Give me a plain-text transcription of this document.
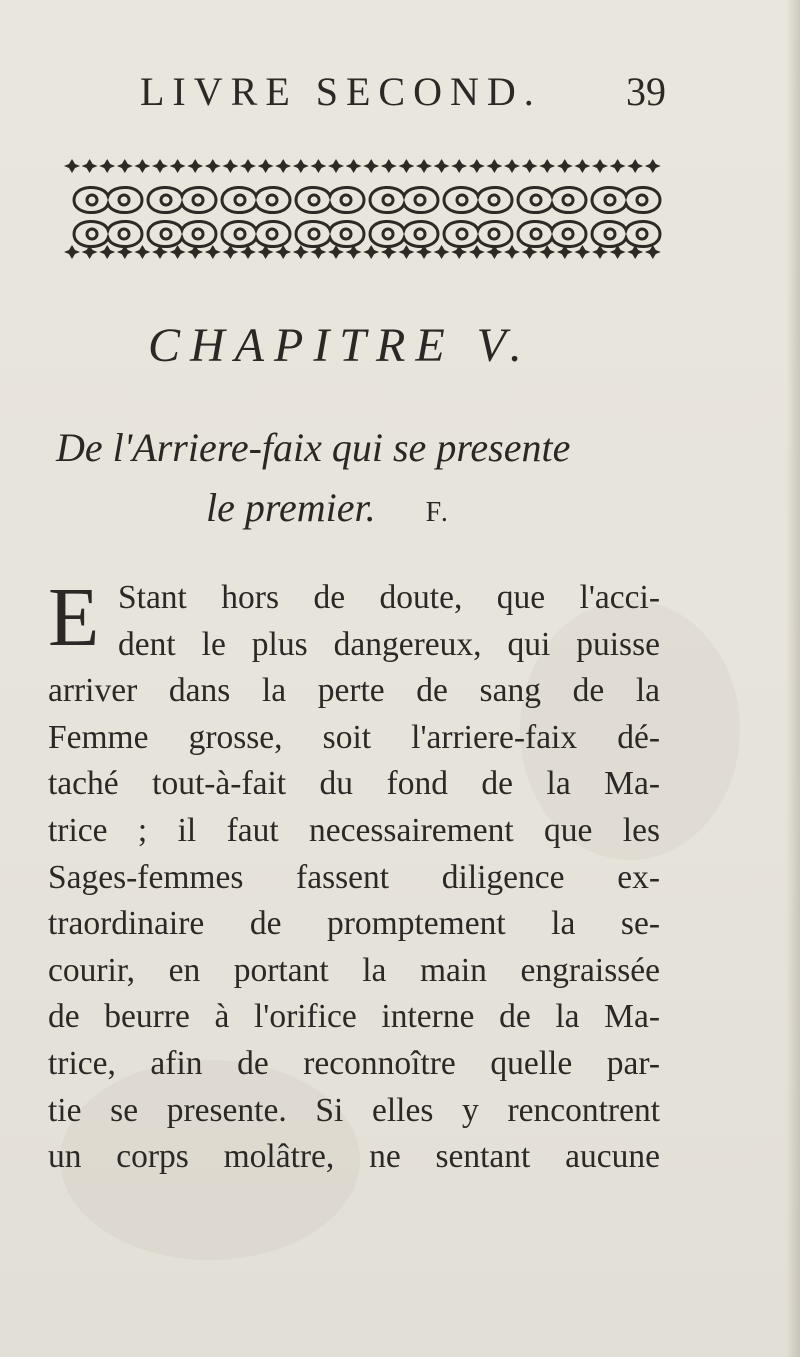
LIVRE SECOND. 39
CHAPITRE V.
De l'Arriere-faix qui se presente
le premier. F.
E Stant hors de doute, que l'acci-
dent le plus dangereux, qui puisse
arriver dans la perte de sang de la
Femme grosse, soit l'arriere-faix dé-
taché tout-à-fait du fond de la Ma-
trice ; il faut necessairement que les
Sages-femmes fassent diligence ex-
traordinaire de promptement la se-
courir, en portant la main engraissée
de beurre à l'orifice interne de la Ma-
trice, afin de reconnoître quelle par-
tie se presente. Si elles y rencontrent
un corps molâtre, ne sentant aucune
